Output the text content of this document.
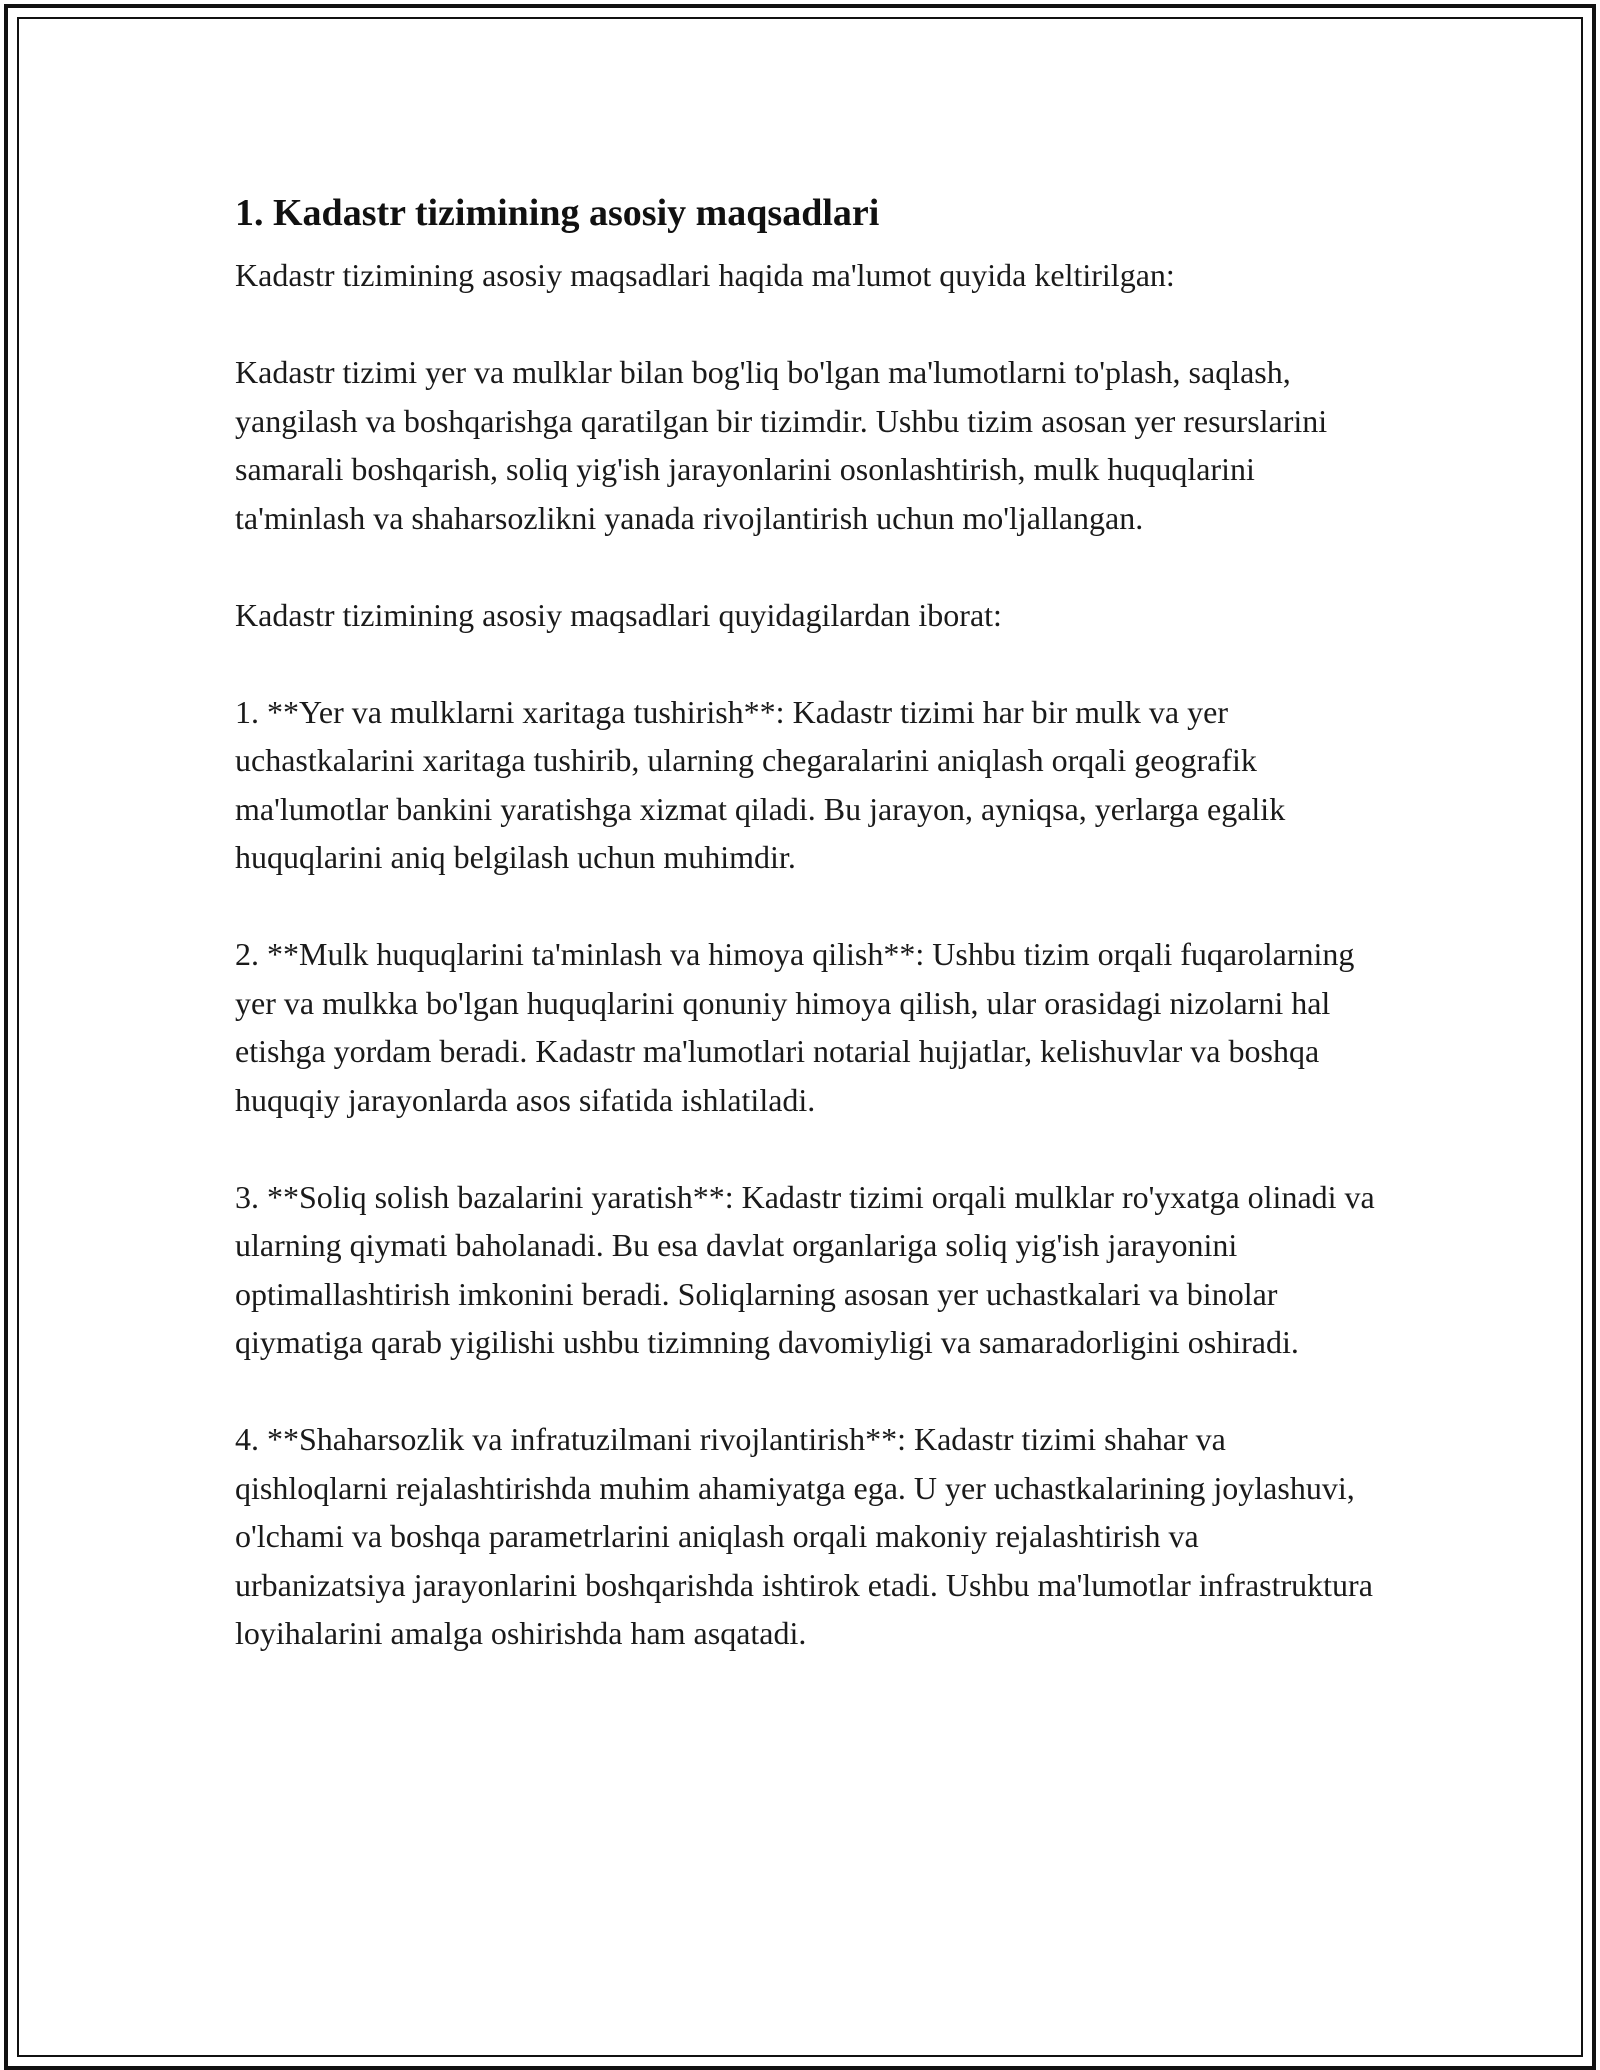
1. Kadastr tizimining asosiy maqsadlari

Kadastr tizimining asosiy maqsadlari haqida ma'lumot quyida keltirilgan:

Kadastr tizimi yer va mulklar bilan bog'liq bo'lgan ma'lumotlarni to'plash, saqlash, yangilash va boshqarishga qaratilgan bir tizimdir. Ushbu tizim asosan yer resurslarini samarali boshqarish, soliq yig'ish jarayonlarini osonlashtirish, mulk huquqlarini ta'minlash va shaharsozlikni yanada rivojlantirish uchun mo'ljallangan.

Kadastr tizimining asosiy maqsadlari quyidagilardan iborat:

1. **Yer va mulklarni xaritaga tushirish**: Kadastr tizimi har bir mulk va yer uchastkalarini xaritaga tushirib, ularning chegaralarini aniqlash orqali geografik ma'lumotlar bankini yaratishga xizmat qiladi. Bu jarayon, ayniqsa, yerlarga egalik huquqlarini aniq belgilash uchun muhimdir.

2. **Mulk huquqlarini ta'minlash va himoya qilish**: Ushbu tizim orqali fuqarolarning yer va mulkka bo'lgan huquqlarini qonuniy himoya qilish, ular orasidagi nizolarni hal etishga yordam beradi. Kadastr ma'lumotlari notarial hujjatlar, kelishuvlar va boshqa huquqiy jarayonlarda asos sifatida ishlatiladi.

3. **Soliq solish bazalarini yaratish**: Kadastr tizimi orqali mulklar ro'yxatga olinadi va ularning qiymati baholanadi. Bu esa davlat organlariga soliq yig'ish jarayonini optimallashtirish imkonini beradi. Soliqlarning asosan yer uchastkalari va binolar qiymatiga qarab yigilishi ushbu tizimning davomiyligi va samaradorligini oshiradi.

4. **Shaharsozlik va infratuzilmani rivojlantirish**: Kadastr tizimi shahar va qishloqlarni rejalashtirishda muhim ahamiyatga ega. U yer uchastkalarining joylashuvi, o'lchami va boshqa parametrlarini aniqlash orqali makoniy rejalashtirish va urbanizatsiya jarayonlarini boshqarishda ishtirok etadi. Ushbu ma'lumotlar infrastruktura loyihalarini amalga oshirishda ham asqatadi.
